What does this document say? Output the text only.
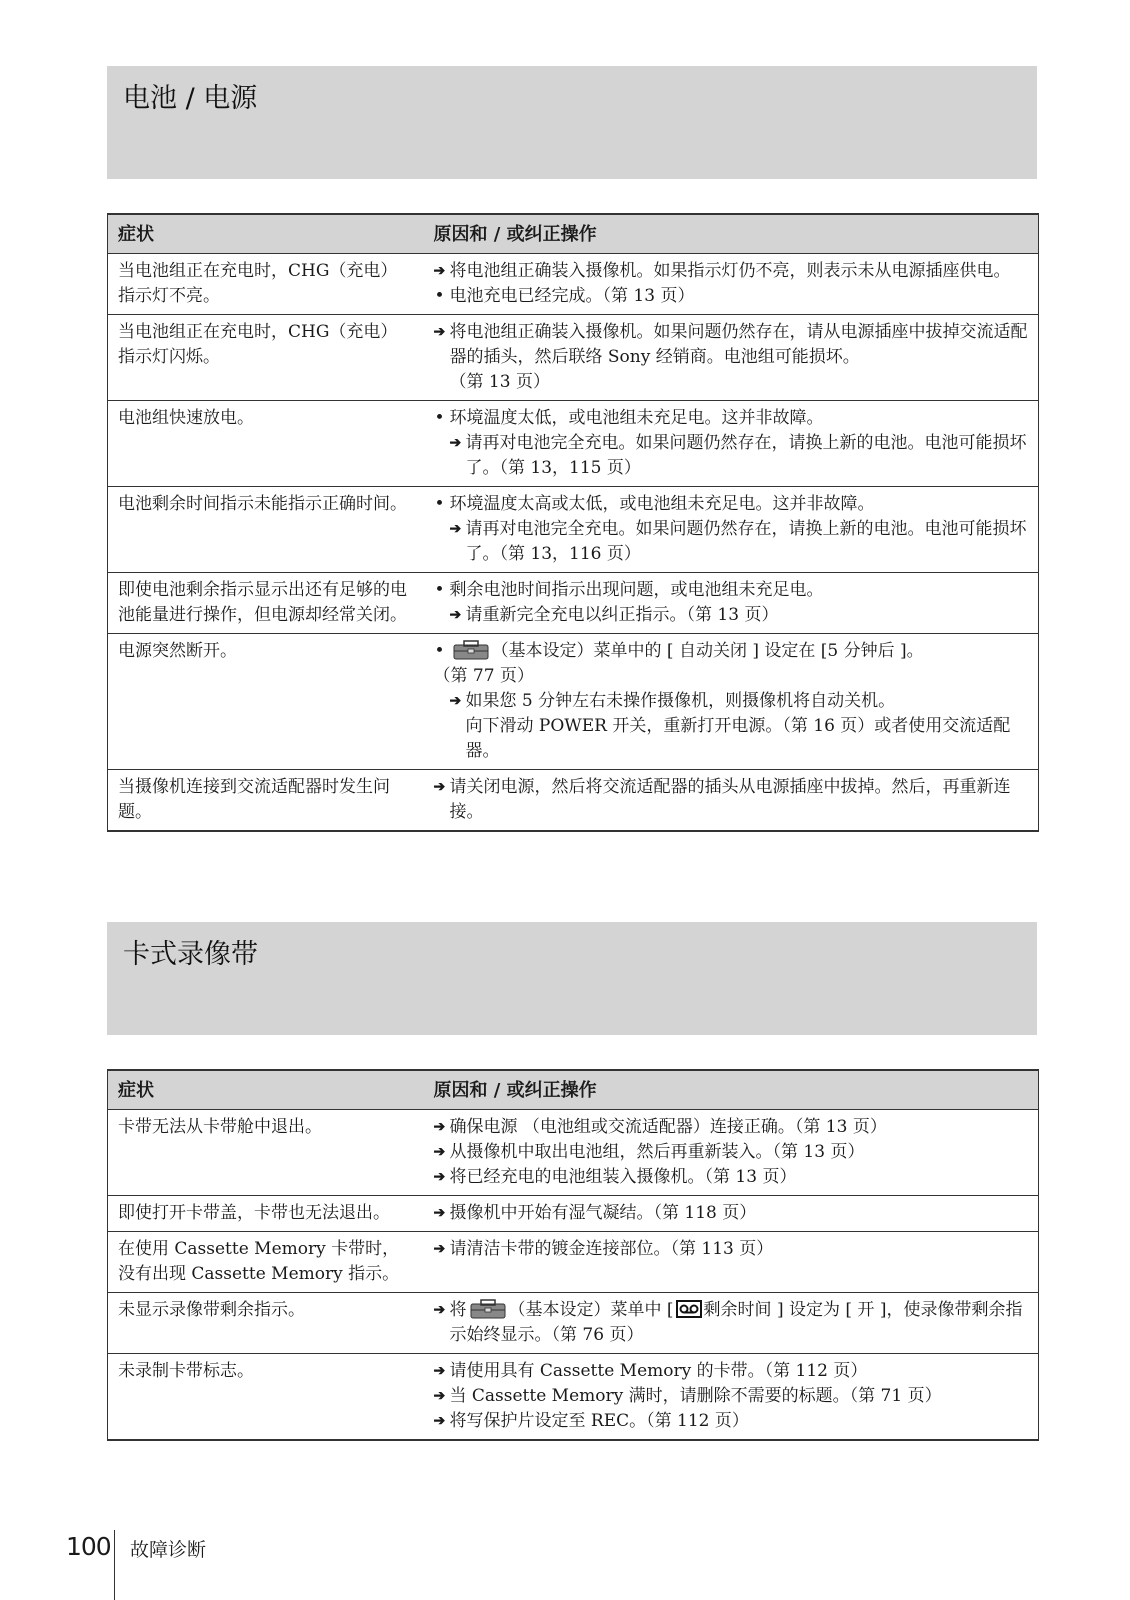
电池 / 电源
症状	原因和 / 或纠正操作
当电池组正在充电时，CHG（充电）指示灯不亮。	➔ 将电池组正确装入摄像机。如果指示灯仍不亮，则表示未从电源插座供电。
• 电池充电已经完成。（第 13 页）

当电池组正在充电时，CHG（充电）指示灯闪烁。	➔ 将电池组正确装入摄像机。如果问题仍然存在，请从电源插座中拔掉交流适配器的插头，然后联络 Sony 经销商。电池组可能损坏。
（第 13 页）

电池组快速放电。	• 环境温度太低，或电池组未充足电。这并非故障。
➔ 请再对电池完全充电。如果问题仍然存在，请换上新的电池。电池可能损坏了。（第 13，115 页）

电池剩余时间指示未能指示正确时间。	• 环境温度太高或太低，或电池组未充足电。这并非故障。
➔ 请再对电池完全充电。如果问题仍然存在，请换上新的电池。电池可能损坏了。（第 13，116 页）

即使电池剩余指示显示出还有足够的电池能量进行操作，但电源却经常关闭。	• 剩余电池时间指示出现问题，或电池组未充足电。
➔ 请重新完全充电以纠正指示。（第 13 页）

电源突然断开。	• （基本设定）菜单中的 [ 自动关闭 ] 设定在 [5 分钟后 ]。
（第 77 页）
➔ 如果您 5 分钟左右未操作摄像机，则摄像机将自动关机。
向下滑动 POWER 开关，重新打开电源。（第 16 页）或者使用交流适配器。

当摄像机连接到交流适配器时发生问题。	➔ 请关闭电源，然后将交流适配器的插头从电源插座中拔掉。然后，再重新连接。
卡式录像带
症状	原因和 / 或纠正操作
卡带无法从卡带舱中退出。	➔ 确保电源 （电池组或交流适配器）连接正确。（第 13 页）
➔ 从摄像机中取出电池组，然后再重新装入。（第 13 页）
➔ 将已经充电的电池组装入摄像机。（第 13 页）

即使打开卡带盖，卡带也无法退出。	➔ 摄像机中开始有湿气凝结。（第 118 页）

在使用 Cassette Memory 卡带时，没有出现 Cassette Memory 指示。	➔ 请清洁卡带的镀金连接部位。（第 113 页）

未显示录像带剩余指示。	➔ 将 （基本设定）菜单中 [ 剩余时间 ] 设定为 [ 开 ]，使录像带剩余指示始终显示。（第 76 页）

未录制卡带标志。	➔ 请使用具有 Cassette Memory 的卡带。（第 112 页）
➔ 当 Cassette Memory 满时，请删除不需要的标题。（第 71 页）
➔ 将写保护片设定至 REC。（第 112 页）
100 故障诊断
